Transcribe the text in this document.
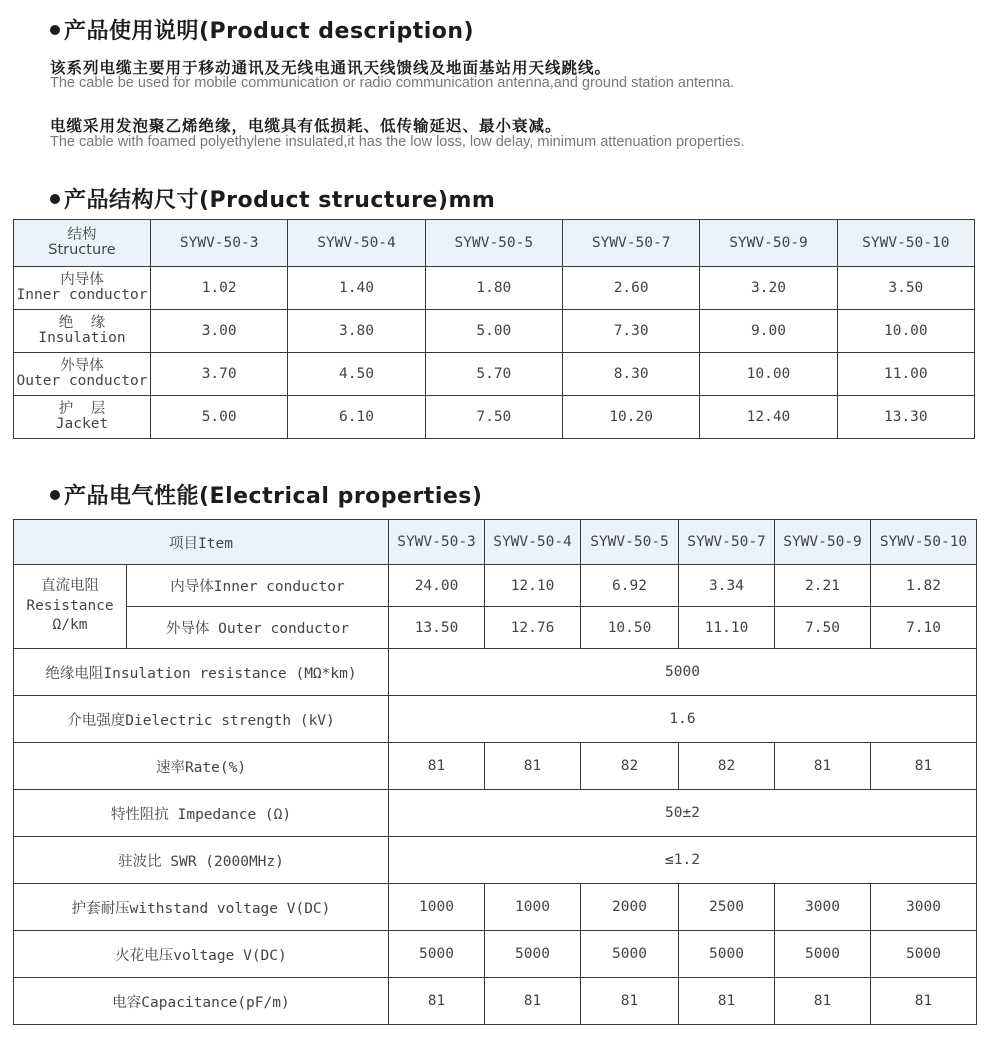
产品使用说明(Product description)

该系列电缆主要用于移动通讯及无线电通讯天线馈线及地面基站用天线跳线。

The cable be used for mobile communication or radio communication antenna,and ground station antenna.

电缆采用发泡聚乙烯绝缘，电缆具有低损耗、低传输延迟、最小衰减。

The cable with foamed polyethylene insulated,it has the low loss, low delay, minimum attenuation properties.

产品结构尺寸(Product structure)mm
结构
Structure	SYWV-50-3	SYWV-50-4	SYWV-50-5	SYWV-50-7	SYWV-50-9	SYWV-50-10

内导体
Inner conductor	1.02	1.40	1.80	2.60	3.20	3.50

绝  缘
Insulation	3.00	3.80	5.00	7.30	9.00	10.00

外导体
Outer conductor	3.70	4.50	5.70	8.30	10.00	11.00

护  层
Jacket	5.00	6.10	7.50	10.20	12.40	13.30
产品电气性能(Electrical properties)
项目Item		SYWV-50-3	SYWV-50-4	SYWV-50-5	SYWV-50-7	SYWV-50-9	SYWV-50-10

直流电阻
Resistance
Ω/km	内导体Inner conductor	24.00	12.10	6.92	3.34	2.21	1.82
	外导体 Outer conductor	13.50	12.76	10.50	11.10	7.50	7.10
绝缘电阻Insulation resistance (MΩ*km)		5000					
介电强度Dielectric strength (kV)		1.6					
速率Rate(%)		81	81	82	82	81	81
特性阻抗 Impedance (Ω)		50±2					
驻波比 SWR (2000MHz)		≤1.2					
护套耐压withstand voltage V(DC)		1000	1000	2000	2500	3000	3000
火花电压voltage V(DC)		5000	5000	5000	5000	5000	5000
电容Capacitance(pF/m)		81	81	81	81	81	81
